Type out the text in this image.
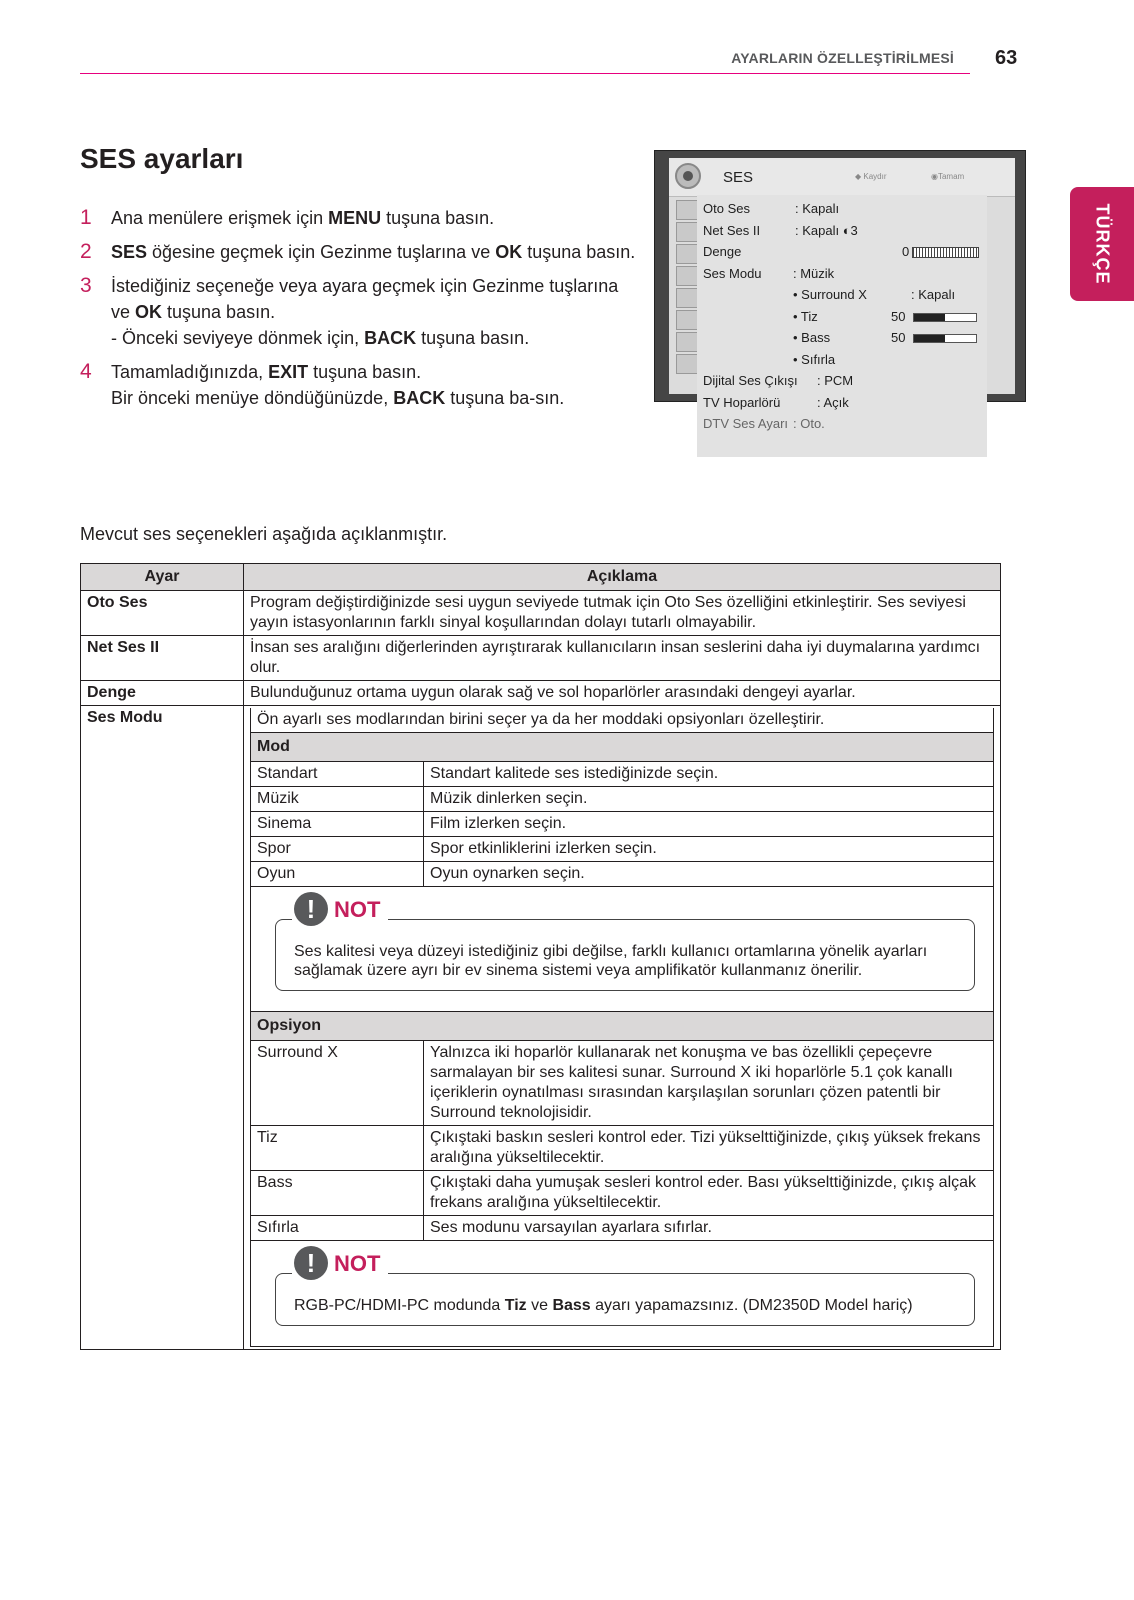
AYARLARIN ÖZELLEŞTİRİLMESİ 63
TÜRKÇE
SES ayarları
1 Ana menülere erişmek için MENU tuşuna basın.

2 SES öğesine geçmek için Gezinme tuşlarına ve OK tuşuna basın.

3 İstediğiniz seçeneğe veya ayara geçmek için Gezinme tuşlarına ve OK tuşuna basın.

- Önceki seviyeye dönmek için, BACK tuşuna basın.

4 Tamamladığınızda, EXIT tuşuna basın.

Bir önceki menüye döndüğünüzde, BACK tuşuna ba-sın.

SES	◆ Kaydır	◉Tamam
Oto Ses	: Kapalı
Net Ses II	: Kapalı ◐3
Denge	0
Ses Modu : Müzik
• Surround X	: Kapalı
• Tiz	50
• Bass	50
• Sıfırla
Dijital Ses Çıkışı : PCM
TV Hoparlörü	: Açık
DTV Ses Ayarı : Oto.
Mevcut ses seçenekleri aşağıda açıklanmıştır.
Ayar	Açıklama
Oto Ses	Program değiştirdiğinizde sesi uygun seviyede tutmak için Oto Ses özelliğini etkinleştirir. Ses seviyesi yayın istasyonlarının farklı sinyal koşullarından dolayı tutarlı olmayabilir.
Net Ses II	İnsan ses aralığını diğerlerinden ayrıştırarak kullanıcıların insan seslerini daha iyi duymalarına yardımcı olur.
Denge	Bulunduğunuz ortama uygun olarak sağ ve sol hoparlörler arasındaki dengeyi ayarlar.
Ses Modu		Ön ayarlı ses modlarından birini seçer ya da her moddaki opsiyonları özelleştirir.
Mod
Standart	Standart kalitede ses istediğinizde seçin.
Müzik	Müzik dinlerken seçin.
Sinema	Film izlerken seçin.
Spor	Spor etkinliklerini izlerken seçin.
Oyun	Oyun oynarken seçin.

! NOT
Ses kalitesi veya düzeyi istediğiniz gibi değilse, farklı kullanıcı ortamlarına yönelik ayarları sağlamak üzere ayrı bir ev sinema sistemi veya amplifikatör kullanmanız önerilir.

Opsiyon
Surround X	Yalnızca iki hoparlör kullanarak net konuşma ve bas özellikli çepeçevre sarmalayan bir ses kalitesi sunar. Surround X iki hoparlörle 5.1 çok kanallı içeriklerin oynatılması sırasından karşılaşılan sorunları çözen patentli bir Surround teknolojisidir.
Tiz	Çıkıştaki baskın sesleri kontrol eder. Tizi yükselttiğinizde, çıkış yüksek frekans aralığına yükseltilecektir.
Bass	Çıkıştaki daha yumuşak sesleri kontrol eder. Bası yükselttiğinizde, çıkış alçak frekans aralığına yükseltilecektir.
Sıfırla	Ses modunu varsayılan ayarlara sıfırlar.

! NOT
RGB-PC/HDMI-PC modunda Tiz ve Bass ayarı yapamazsınız. (DM2350D Model hariç)
